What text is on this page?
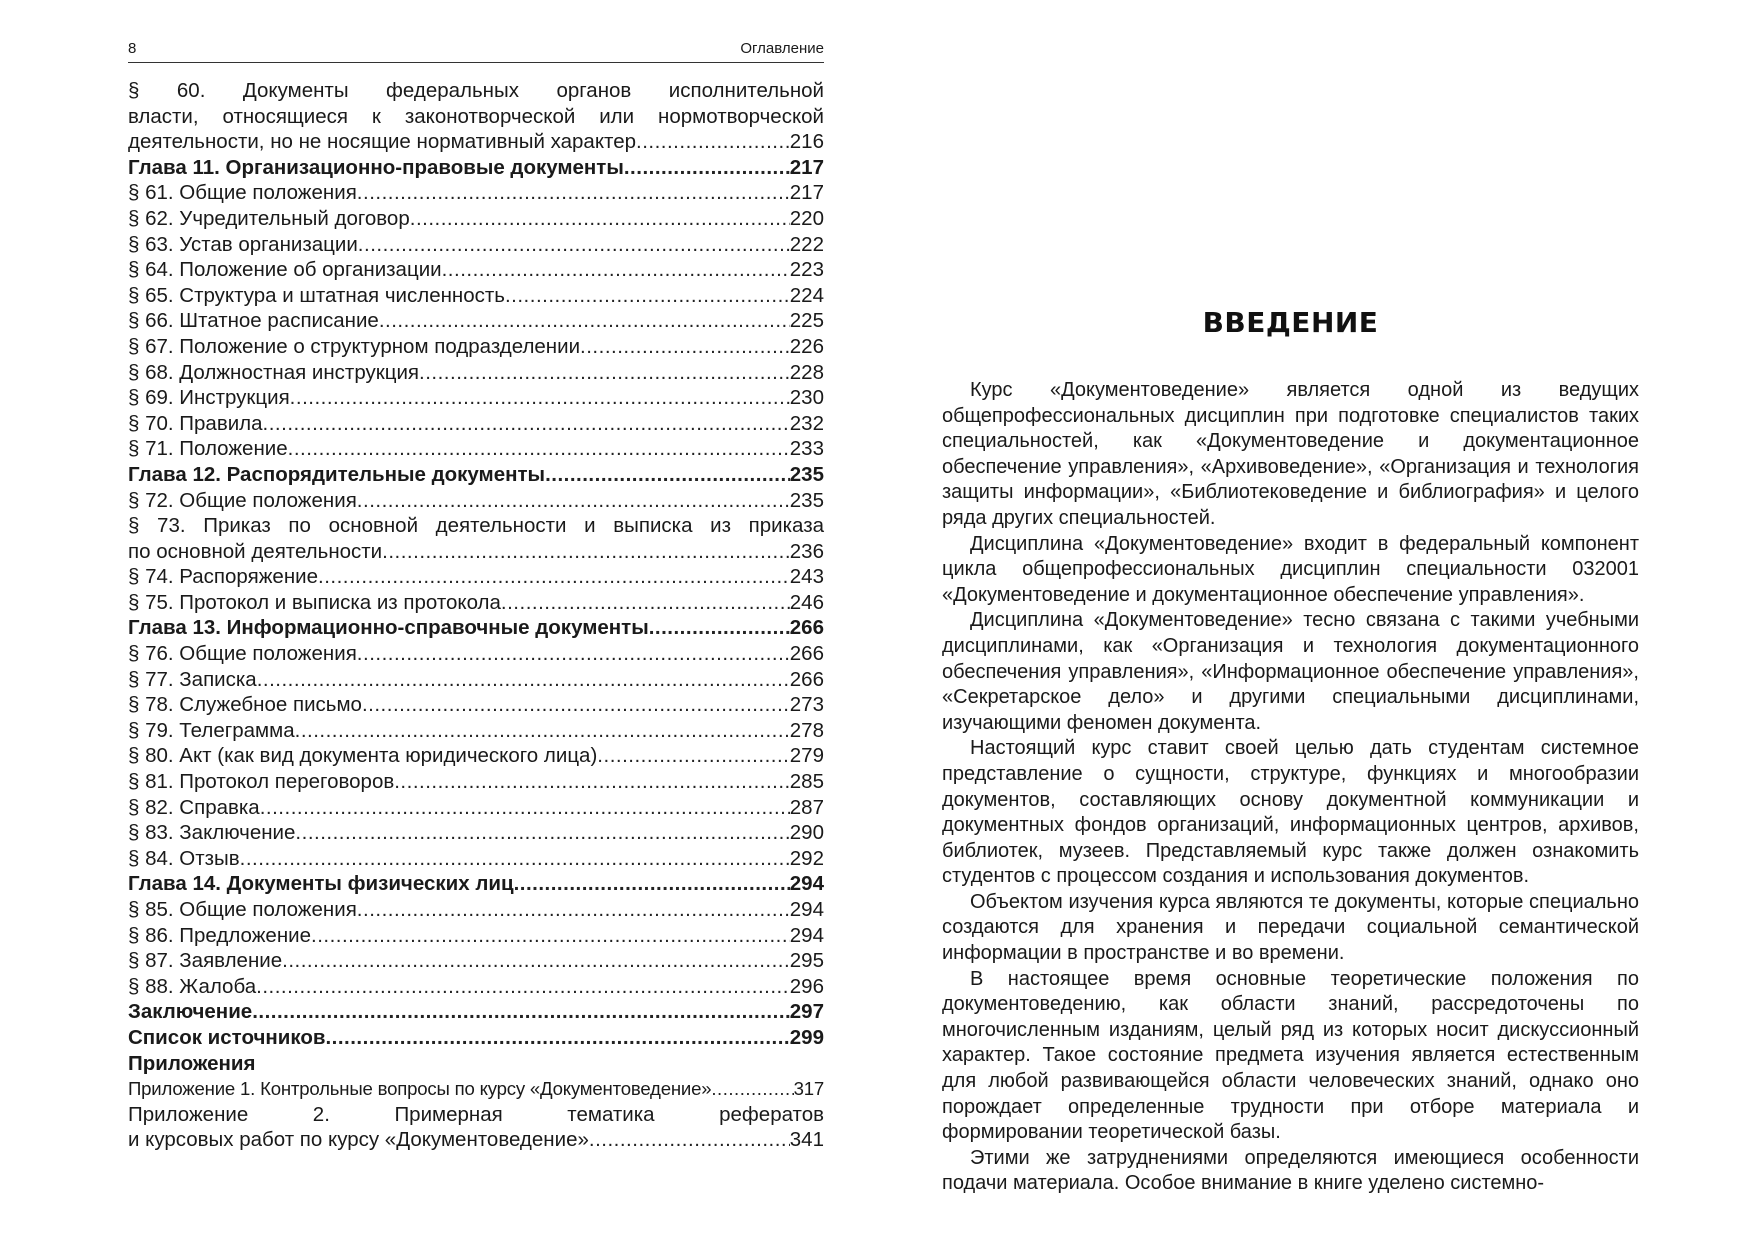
8	Оглавление
§ 60. Документы федеральных органов исполнительной
власти, относящиеся к законотворческой или нормотворческой
деятельности, но не носящие нормативный характер .....	216
Глава 11. Организационно-правовые документы .....	217
§ 61. Общие положения .....	217
§ 62. Учредительный договор .....	220
§ 63. Устав организации .....	222
§ 64. Положение об организации .....	223
§ 65. Структура и штатная численность .....	224
§ 66. Штатное расписание .....	225
§ 67. Положение о структурном подразделении .....	226
§ 68. Должностная инструкция .....	228
§ 69. Инструкция .....	230
§ 70. Правила .....	232
§ 71. Положение .....	233
Глава 12. Распорядительные документы .....	235
§ 72. Общие положения .....	235
§ 73. Приказ по основной деятельности и выписка из приказа
по основной деятельности .....	236
§ 74. Распоряжение .....	243
§ 75. Протокол и выписка из протокола .....	246
Глава 13. Информационно-справочные документы .....	266
§ 76. Общие положения .....	266
§ 77. Записка .....	266
§ 78. Служебное письмо .....	273
§ 79. Телеграмма .....	278
§ 80. Акт (как вид документа юридического лица) .....	279
§ 81. Протокол переговоров .....	285
§ 82. Справка .....	287
§ 83. Заключение .....	290
§ 84. Отзыв .....	292
Глава 14. Документы физических лиц .....	294
§ 85. Общие положения .....	294
§ 86. Предложение .....	294
§ 87. Заявление .....	295
§ 88. Жалоба .....	296
Заключение .....	297
Список источников .....	299
Приложения
Приложение 1. Контрольные вопросы по курсу «Документоведение» .....	317
Приложение 2. Примерная тематика рефератов
и курсовых работ по курсу «Документоведение» .....	341
ВВЕДЕНИЕ

Курс «Документоведение» является одной из ведущих общепрофессиональных дисциплин при подготовке специалистов таких специальностей, как «Документоведение и документационное обеспечение управления», «Архивоведение», «Организация и технология защиты информации», «Библиотековедение и библиография» и целого ряда других специальностей.

Дисциплина «Документоведение» входит в федеральный компонент цикла общепрофессиональных дисциплин специальности 032001 «Документоведение и документационное обеспечение управления».

Дисциплина «Документоведение» тесно связана с такими учебными дисциплинами, как «Организация и технология документационного обеспечения управления», «Информационное обеспечение управления», «Секретарское дело» и другими специальными дисциплинами, изучающими феномен документа.

Настоящий курс ставит своей целью дать студентам системное представление о сущности, структуре, функциях и многообразии документов, составляющих основу документной коммуникации и документных фондов организаций, информационных центров, архивов, библиотек, музеев. Представляемый курс также должен ознакомить студентов с процессом создания и использования документов.

Объектом изучения курса являются те документы, которые специально создаются для хранения и передачи социальной семантической информации в пространстве и во времени.

В настоящее время основные теоретические положения по документоведению, как области знаний, рассредоточены по многочисленным изданиям, целый ряд из которых носит дискуссионный характер. Такое состояние предмета изучения является естественным для любой развивающейся области человеческих знаний, однако оно порождает определенные трудности при отборе материала и формировании теоретической базы.

Этими же затруднениями определяются имеющиеся особенности подачи материала. Особое внимание в книге уделено системно-
